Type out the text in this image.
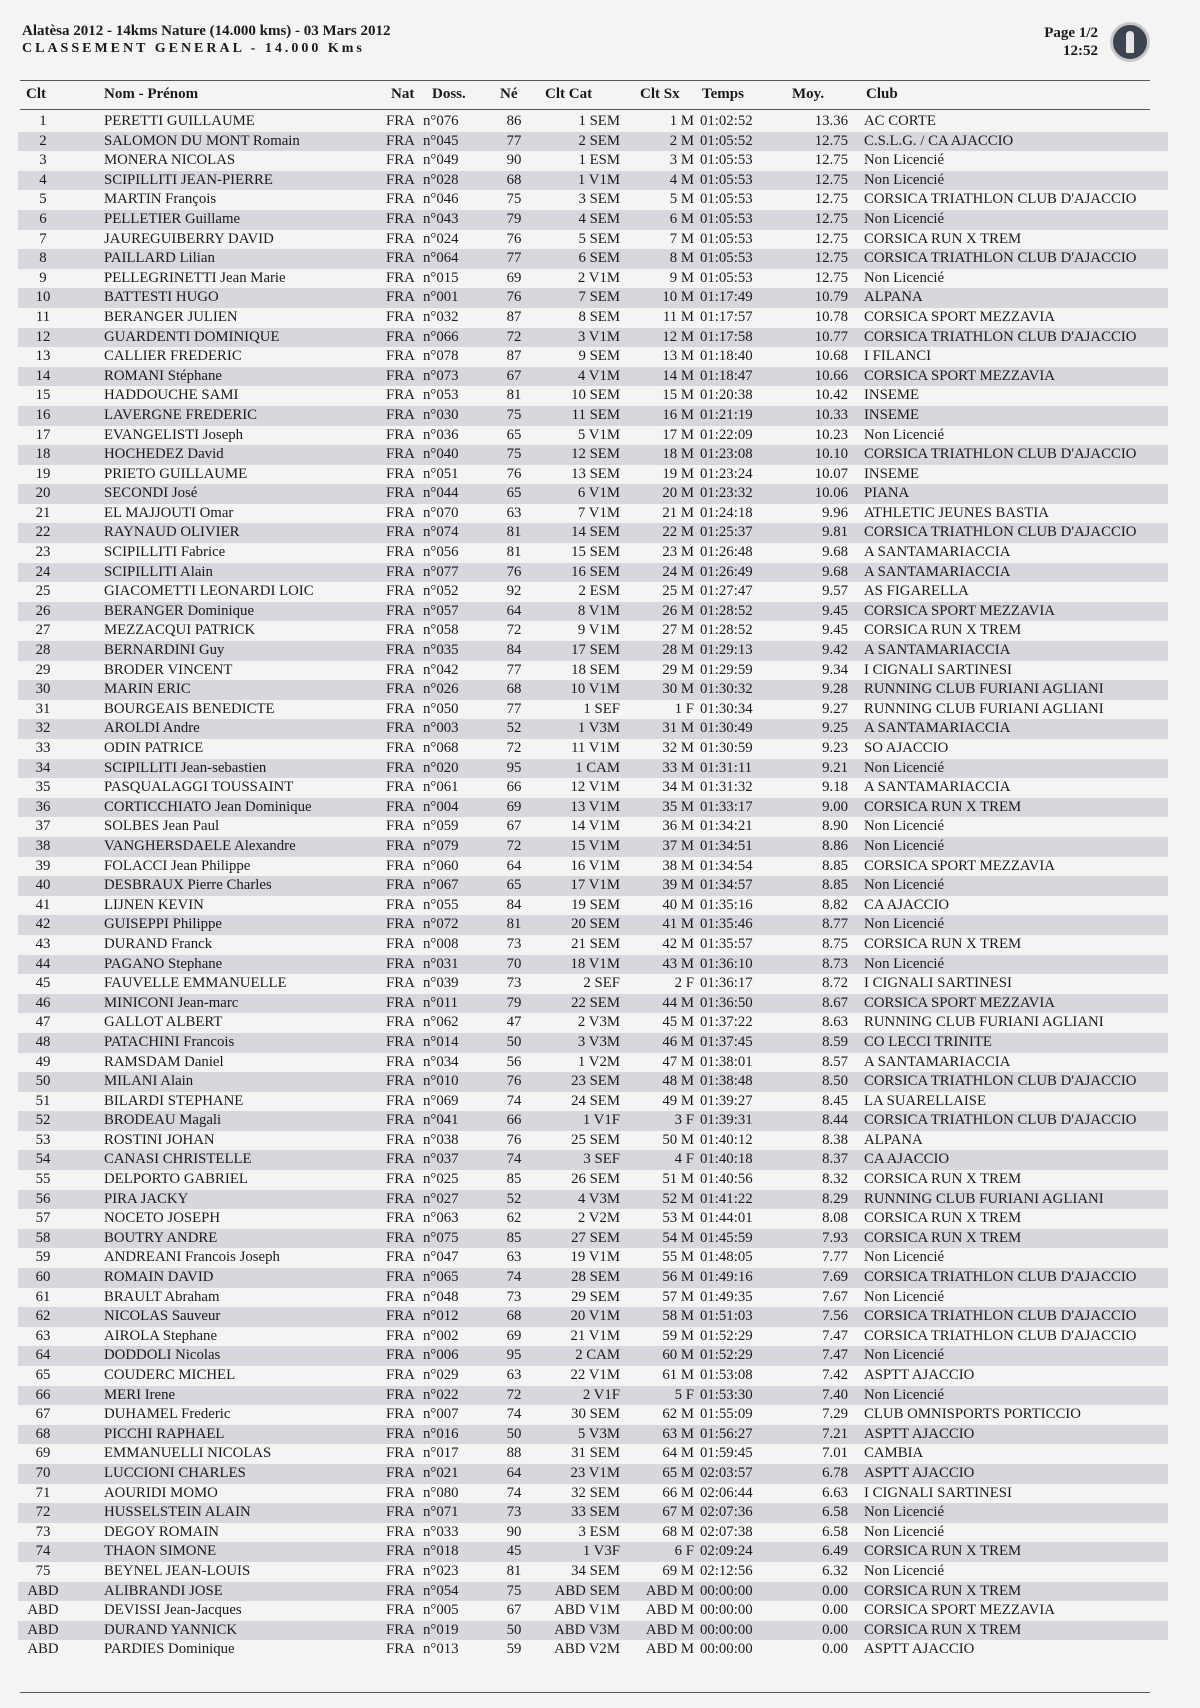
Alatèsa 2012 - 14kms Nature (14.000 kms) - 03 Mars 2012
CLASSEMENT GENERAL - 14.000 Kms
Page 1/2
12:52
Clt	Nom - Prénom	Nat Doss. Né Clt Cat	Clt Sx Temps	Moy.	Club
1	PERETTI GUILLAUME	FRA n°076	86	1 SEM	1 M 01:02:52	13.36 AC CORTE
2	SALOMON DU MONT Romain	FRA n°045	77	2 SEM	2 M 01:05:52	12.75 C.S.L.G. / CA AJACCIO
3	MONERA NICOLAS	FRA n°049	90	1 ESM	3 M 01:05:53	12.75 Non Licencié
4	SCIPILLITI JEAN-PIERRE	FRA n°028	68	1 V1M	4 M 01:05:53	12.75 Non Licencié
5	MARTIN François	FRA n°046	75	3 SEM	5 M 01:05:53	12.75 CORSICA TRIATHLON CLUB D'AJACCIO
6	PELLETIER Guillame	FRA n°043	79	4 SEM	6 M 01:05:53	12.75 Non Licencié
7	JAUREGUIBERRY DAVID	FRA n°024	76	5 SEM	7 M 01:05:53	12.75 CORSICA RUN X TREM
8	PAILLARD Lilian	FRA n°064	77	6 SEM	8 M 01:05:53	12.75 CORSICA TRIATHLON CLUB D'AJACCIO
9	PELLEGRINETTI Jean Marie	FRA n°015	69	2 V1M	9 M 01:05:53	12.75 Non Licencié
10	BATTESTI HUGO	FRA n°001	76	7 SEM	10 M 01:17:49	10.79 ALPANA
11	BERANGER JULIEN	FRA n°032	87	8 SEM	11 M 01:17:57	10.78 CORSICA SPORT MEZZAVIA
12	GUARDENTI DOMINIQUE	FRA n°066	72	3 V1M	12 M 01:17:58	10.77 CORSICA TRIATHLON CLUB D'AJACCIO
13	CALLIER FREDERIC	FRA n°078	87	9 SEM	13 M 01:18:40	10.68 I FILANCI
14	ROMANI Stéphane	FRA n°073	67	4 V1M	14 M 01:18:47	10.66 CORSICA SPORT MEZZAVIA
15	HADDOUCHE SAMI	FRA n°053	81	10 SEM	15 M 01:20:38	10.42 INSEME
16	LAVERGNE FREDERIC	FRA n°030	75	11 SEM	16 M 01:21:19	10.33 INSEME
17	EVANGELISTI Joseph	FRA n°036	65	5 V1M	17 M 01:22:09	10.23 Non Licencié
18	HOCHEDEZ David	FRA n°040	75	12 SEM	18 M 01:23:08	10.10 CORSICA TRIATHLON CLUB D'AJACCIO
19	PRIETO GUILLAUME	FRA n°051	76	13 SEM	19 M 01:23:24	10.07 INSEME
20	SECONDI José	FRA n°044	65	6 V1M	20 M 01:23:32	10.06 PIANA
21	EL MAJJOUTI Omar	FRA n°070	63	7 V1M	21 M 01:24:18	9.96 ATHLETIC JEUNES BASTIA
22	RAYNAUD OLIVIER	FRA n°074	81	14 SEM	22 M 01:25:37	9.81 CORSICA TRIATHLON CLUB D'AJACCIO
23	SCIPILLITI Fabrice	FRA n°056	81	15 SEM	23 M 01:26:48	9.68 A SANTAMARIACCIA
24	SCIPILLITI Alain	FRA n°077	76	16 SEM	24 M 01:26:49	9.68 A SANTAMARIACCIA
25	GIACOMETTI LEONARDI LOIC	FRA n°052	92	2 ESM	25 M 01:27:47	9.57 AS FIGARELLA
26	BERANGER Dominique	FRA n°057	64	8 V1M	26 M 01:28:52	9.45 CORSICA SPORT MEZZAVIA
27	MEZZACQUI PATRICK	FRA n°058	72	9 V1M	27 M 01:28:52	9.45 CORSICA RUN X TREM
28	BERNARDINI Guy	FRA n°035	84	17 SEM	28 M 01:29:13	9.42 A SANTAMARIACCIA
29	BRODER VINCENT	FRA n°042	77	18 SEM	29 M 01:29:59	9.34 I CIGNALI SARTINESI
30	MARIN ERIC	FRA n°026	68	10 V1M	30 M 01:30:32	9.28 RUNNING CLUB FURIANI AGLIANI
31	BOURGEAIS BENEDICTE	FRA n°050	77	1 SEF	1 F 01:30:34	9.27 RUNNING CLUB FURIANI AGLIANI
32	AROLDI Andre	FRA n°003	52	1 V3M	31 M 01:30:49	9.25 A SANTAMARIACCIA
33	ODIN PATRICE	FRA n°068	72	11 V1M	32 M 01:30:59	9.23 SO AJACCIO
34	SCIPILLITI Jean-sebastien	FRA n°020	95	1 CAM	33 M 01:31:11	9.21 Non Licencié
35	PASQUALAGGI TOUSSAINT	FRA n°061	66	12 V1M	34 M 01:31:32	9.18 A SANTAMARIACCIA
36	CORTICCHIATO Jean Dominique	FRA n°004	69	13 V1M	35 M 01:33:17	9.00 CORSICA RUN X TREM
37	SOLBES Jean Paul	FRA n°059	67	14 V1M	36 M 01:34:21	8.90 Non Licencié
38	VANGHERSDAELE Alexandre	FRA n°079	72	15 V1M	37 M 01:34:51	8.86 Non Licencié
39	FOLACCI Jean Philippe	FRA n°060	64	16 V1M	38 M 01:34:54	8.85 CORSICA SPORT MEZZAVIA
40	DESBRAUX Pierre Charles	FRA n°067	65	17 V1M	39 M 01:34:57	8.85 Non Licencié
41	LIJNEN KEVIN	FRA n°055	84	19 SEM	40 M 01:35:16	8.82 CA AJACCIO
42	GUISEPPI Philippe	FRA n°072	81	20 SEM	41 M 01:35:46	8.77 Non Licencié
43	DURAND Franck	FRA n°008	73	21 SEM	42 M 01:35:57	8.75 CORSICA RUN X TREM
44	PAGANO Stephane	FRA n°031	70	18 V1M	43 M 01:36:10	8.73 Non Licencié
45	FAUVELLE EMMANUELLE	FRA n°039	73	2 SEF	2 F 01:36:17	8.72 I CIGNALI SARTINESI
46	MINICONI Jean-marc	FRA n°011	79	22 SEM	44 M 01:36:50	8.67 CORSICA SPORT MEZZAVIA
47	GALLOT ALBERT	FRA n°062	47	2 V3M	45 M 01:37:22	8.63 RUNNING CLUB FURIANI AGLIANI
48	PATACHINI Francois	FRA n°014	50	3 V3M	46 M 01:37:45	8.59 CO LECCI TRINITE
49	RAMSDAM Daniel	FRA n°034	56	1 V2M	47 M 01:38:01	8.57 A SANTAMARIACCIA
50	MILANI Alain	FRA n°010	76	23 SEM	48 M 01:38:48	8.50 CORSICA TRIATHLON CLUB D'AJACCIO
51	BILARDI STEPHANE	FRA n°069	74	24 SEM	49 M 01:39:27	8.45 LA SUARELLAISE
52	BRODEAU Magali	FRA n°041	66	1 V1F	3 F 01:39:31	8.44 CORSICA TRIATHLON CLUB D'AJACCIO
53	ROSTINI JOHAN	FRA n°038	76	25 SEM	50 M 01:40:12	8.38 ALPANA
54	CANASI CHRISTELLE	FRA n°037	74	3 SEF	4 F 01:40:18	8.37 CA AJACCIO
55	DELPORTO GABRIEL	FRA n°025	85	26 SEM	51 M 01:40:56	8.32 CORSICA RUN X TREM
56	PIRA JACKY	FRA n°027	52	4 V3M	52 M 01:41:22	8.29 RUNNING CLUB FURIANI AGLIANI
57	NOCETO JOSEPH	FRA n°063	62	2 V2M	53 M 01:44:01	8.08 CORSICA RUN X TREM
58	BOUTRY ANDRE	FRA n°075	85	27 SEM	54 M 01:45:59	7.93 CORSICA RUN X TREM
59	ANDREANI Francois Joseph	FRA n°047	63	19 V1M	55 M 01:48:05	7.77 Non Licencié
60	ROMAIN DAVID	FRA n°065	74	28 SEM	56 M 01:49:16	7.69 CORSICA TRIATHLON CLUB D'AJACCIO
61	BRAULT Abraham	FRA n°048	73	29 SEM	57 M 01:49:35	7.67 Non Licencié
62	NICOLAS Sauveur	FRA n°012	68	20 V1M	58 M 01:51:03	7.56 CORSICA TRIATHLON CLUB D'AJACCIO
63	AIROLA Stephane	FRA n°002	69	21 V1M	59 M 01:52:29	7.47 CORSICA TRIATHLON CLUB D'AJACCIO
64	DODDOLI Nicolas	FRA n°006	95	2 CAM	60 M 01:52:29	7.47 Non Licencié
65	COUDERC MICHEL	FRA n°029	63	22 V1M	61 M 01:53:08	7.42 ASPTT AJACCIO
66	MERI Irene	FRA n°022	72	2 V1F	5 F 01:53:30	7.40 Non Licencié
67	DUHAMEL Frederic	FRA n°007	74	30 SEM	62 M 01:55:09	7.29 CLUB OMNISPORTS PORTICCIO
68	PICCHI RAPHAEL	FRA n°016	50	5 V3M	63 M 01:56:27	7.21 ASPTT AJACCIO
69	EMMANUELLI NICOLAS	FRA n°017	88	31 SEM	64 M 01:59:45	7.01 CAMBIA
70	LUCCIONI CHARLES	FRA n°021	64	23 V1M	65 M 02:03:57	6.78 ASPTT AJACCIO
71	AOURIDI MOMO	FRA n°080	74	32 SEM	66 M 02:06:44	6.63 I CIGNALI SARTINESI
72	HUSSELSTEIN ALAIN	FRA n°071	73	33 SEM	67 M 02:07:36	6.58 Non Licencié
73	DEGOY ROMAIN	FRA n°033	90	3 ESM	68 M 02:07:38	6.58 Non Licencié
74	THAON SIMONE	FRA n°018	45	1 V3F	6 F 02:09:24	6.49 CORSICA RUN X TREM
75	BEYNEL JEAN-LOUIS	FRA n°023	81	34 SEM	69 M 02:12:56	6.32 Non Licencié
ABD	ALIBRANDI JOSE	FRA n°054	75	ABD SEM	ABD M 00:00:00	0.00 CORSICA RUN X TREM
ABD	DEVISSI Jean-Jacques	FRA n°005	67	ABD V1M	ABD M 00:00:00	0.00 CORSICA SPORT MEZZAVIA
ABD	DURAND YANNICK	FRA n°019	50	ABD V3M	ABD M 00:00:00	0.00 CORSICA RUN X TREM
ABD	PARDIES Dominique	FRA n°013	59	ABD V2M	ABD M 00:00:00	0.00 ASPTT AJACCIO
